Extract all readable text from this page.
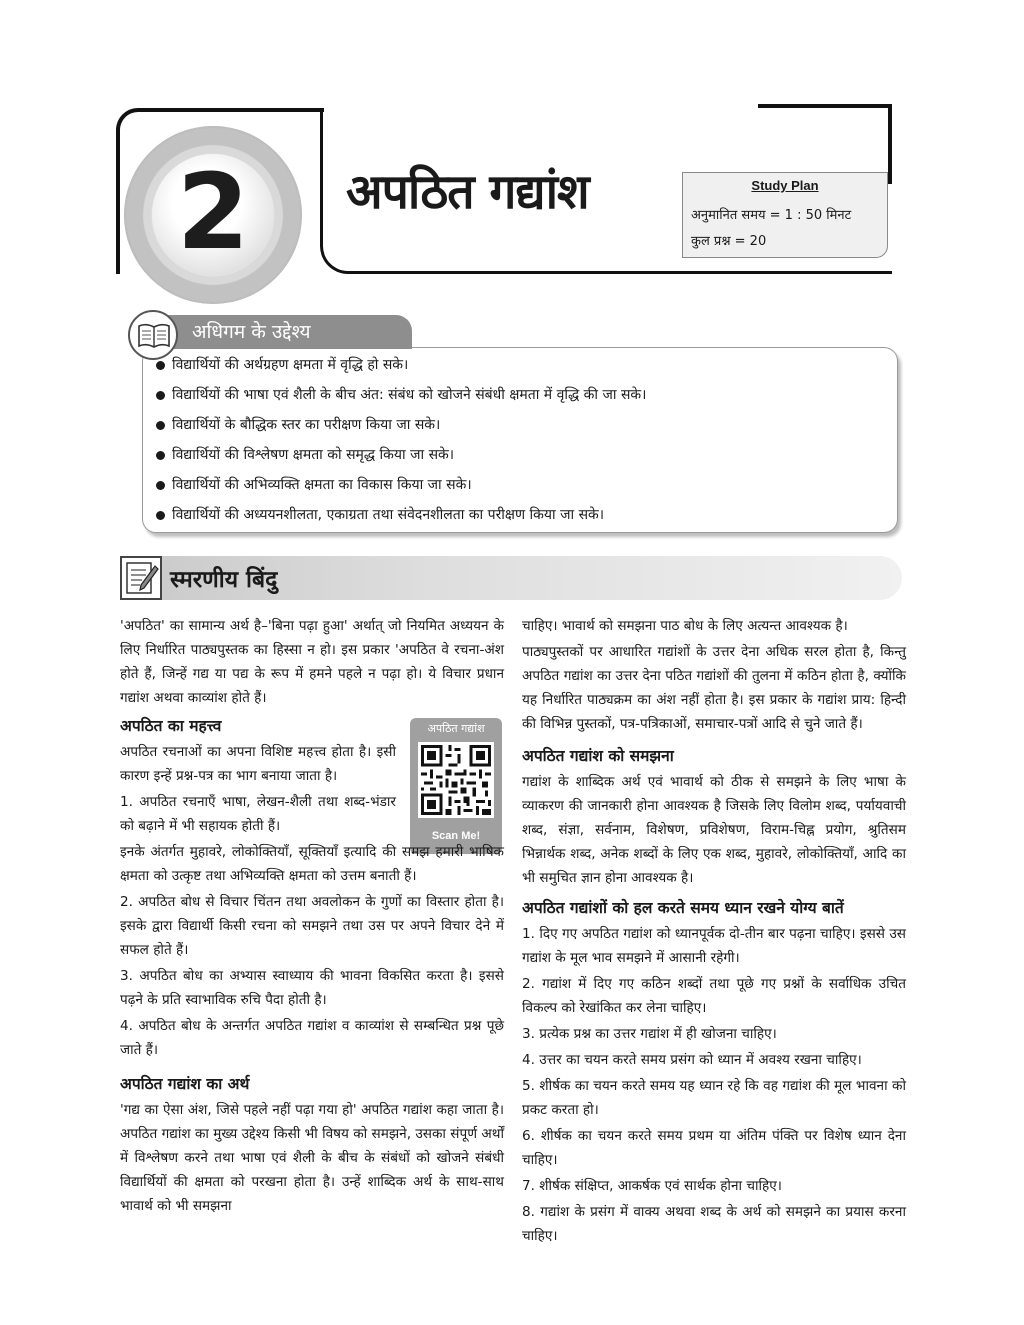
2	अपठित गद्यांश	Study Plan
अनुमानित समय = 1 : 50 मिनट
कुल प्रश्न = 20
अधिगम के उद्देश्य
विद्यार्थियों की अर्थग्रहण क्षमता में वृद्धि हो सके।
विद्यार्थियों की भाषा एवं शैली के बीच अंत: संबंध को खोजने संबंधी क्षमता में वृद्धि की जा सके।
विद्यार्थियों के बौद्धिक स्तर का परीक्षण किया जा सके।
विद्यार्थियों की विश्लेषण क्षमता को समृद्ध किया जा सके।
विद्यार्थियों की अभिव्यक्ति क्षमता का विकास किया जा सके।
विद्यार्थियों की अध्ययनशीलता, एकाग्रता तथा संवेदनशीलता का परीक्षण किया जा सके।
स्मरणीय बिंदु
अपठित गद्यांश
Scan Me!

'अपठित' का सामान्य अर्थ है–'बिना पढ़ा हुआ' अर्थात् जो नियमित अध्ययन के लिए निर्धारित पाठ्यपुस्तक का हिस्सा न हो। इस प्रकार 'अपठित वे रचना-अंश होते हैं, जिन्हें गद्य या पद्य के रूप में हमने पहले न पढ़ा हो। ये विचार प्रधान गद्यांश अथवा काव्यांश होते हैं।

अपठित का महत्त्व

अपठित रचनाओं का अपना विशिष्ट महत्त्व होता है। इसी कारण इन्हें प्रश्न-पत्र का भाग बनाया जाता है।

1. अपठित रचनाएँ भाषा, लेखन-शैली तथा शब्द-भंडार को बढ़ाने में भी सहायक होती हैं।

इनके अंतर्गत मुहावरे, लोकोक्तियाँ, सूक्तियाँ इत्यादि की समझ हमारी भाषिक क्षमता को उत्कृष्ट तथा अभिव्यक्ति क्षमता को उत्तम बनाती हैं।

2. अपठित बोध से विचार चिंतन तथा अवलोकन के गुणों का विस्तार होता है। इसके द्वारा विद्यार्थी किसी रचना को समझने तथा उस पर अपने विचार देने में सफल होते हैं।

3. अपठित बोध का अभ्यास स्वाध्याय की भावना विकसित करता है। इससे पढ़ने के प्रति स्वाभाविक रुचि पैदा होती है।

4. अपठित बोध के अन्तर्गत अपठित गद्यांश व काव्यांश से सम्बन्धित प्रश्न पूछे जाते हैं।

अपठित गद्यांश का अर्थ

'गद्य का ऐसा अंश, जिसे पहले नहीं पढ़ा गया हो' अपठित गद्यांश कहा जाता है। अपठित गद्यांश का मुख्य उद्देश्य किसी भी विषय को समझने, उसका संपूर्ण अर्थों में विश्लेषण करने तथा भाषा एवं शैली के बीच के संबंधों को खोजने संबंधी विद्यार्थियों की क्षमता को परखना होता है। उन्हें शाब्दिक अर्थ के साथ-साथ भावार्थ को भी समझना

चाहिए। भावार्थ को समझना पाठ बोध के लिए अत्यन्त आवश्यक है।

पाठ्यपुस्तकों पर आधारित गद्यांशों के उत्तर देना अधिक सरल होता है, किन्तु अपठित गद्यांश का उत्तर देना पठित गद्यांशों की तुलना में कठिन होता है, क्योंकि यह निर्धारित पाठ्यक्रम का अंश नहीं होता है। इस प्रकार के गद्यांश प्राय: हिन्दी की विभिन्न पुस्तकों, पत्र-पत्रिकाओं, समाचार-पत्रों आदि से चुने जाते हैं।

अपठित गद्यांश को समझना

गद्यांश के शाब्दिक अर्थ एवं भावार्थ को ठीक से समझने के लिए भाषा के व्याकरण की जानकारी होना आवश्यक है जिसके लिए विलोम शब्द, पर्यायवाची शब्द, संज्ञा, सर्वनाम, विशेषण, प्रविशेषण, विराम-चिह्न प्रयोग, श्रुतिसम भिन्नार्थक शब्द, अनेक शब्दों के लिए एक शब्द, मुहावरे, लोकोक्तियाँ, आदि का भी समुचित ज्ञान होना आवश्यक है।

अपठित गद्यांशों को हल करते समय ध्यान रखने योग्य बातें

1. दिए गए अपठित गद्यांश को ध्यानपूर्वक दो-तीन बार पढ़ना चाहिए। इससे उस गद्यांश के मूल भाव समझने में आसानी रहेगी।

2. गद्यांश में दिए गए कठिन शब्दों तथा पूछे गए प्रश्नों के सर्वाधिक उचित विकल्प को रेखांकित कर लेना चाहिए।

3. प्रत्येक प्रश्न का उत्तर गद्यांश में ही खोजना चाहिए।

4. उत्तर का चयन करते समय प्रसंग को ध्यान में अवश्य रखना चाहिए।

5. शीर्षक का चयन करते समय यह ध्यान रहे कि वह गद्यांश की मूल भावना को प्रकट करता हो।

6. शीर्षक का चयन करते समय प्रथम या अंतिम पंक्ति पर विशेष ध्यान देना चाहिए।

7. शीर्षक संक्षिप्त, आकर्षक एवं सार्थक होना चाहिए।

8. गद्यांश के प्रसंग में वाक्य अथवा शब्द के अर्थ को समझने का प्रयास करना चाहिए।
